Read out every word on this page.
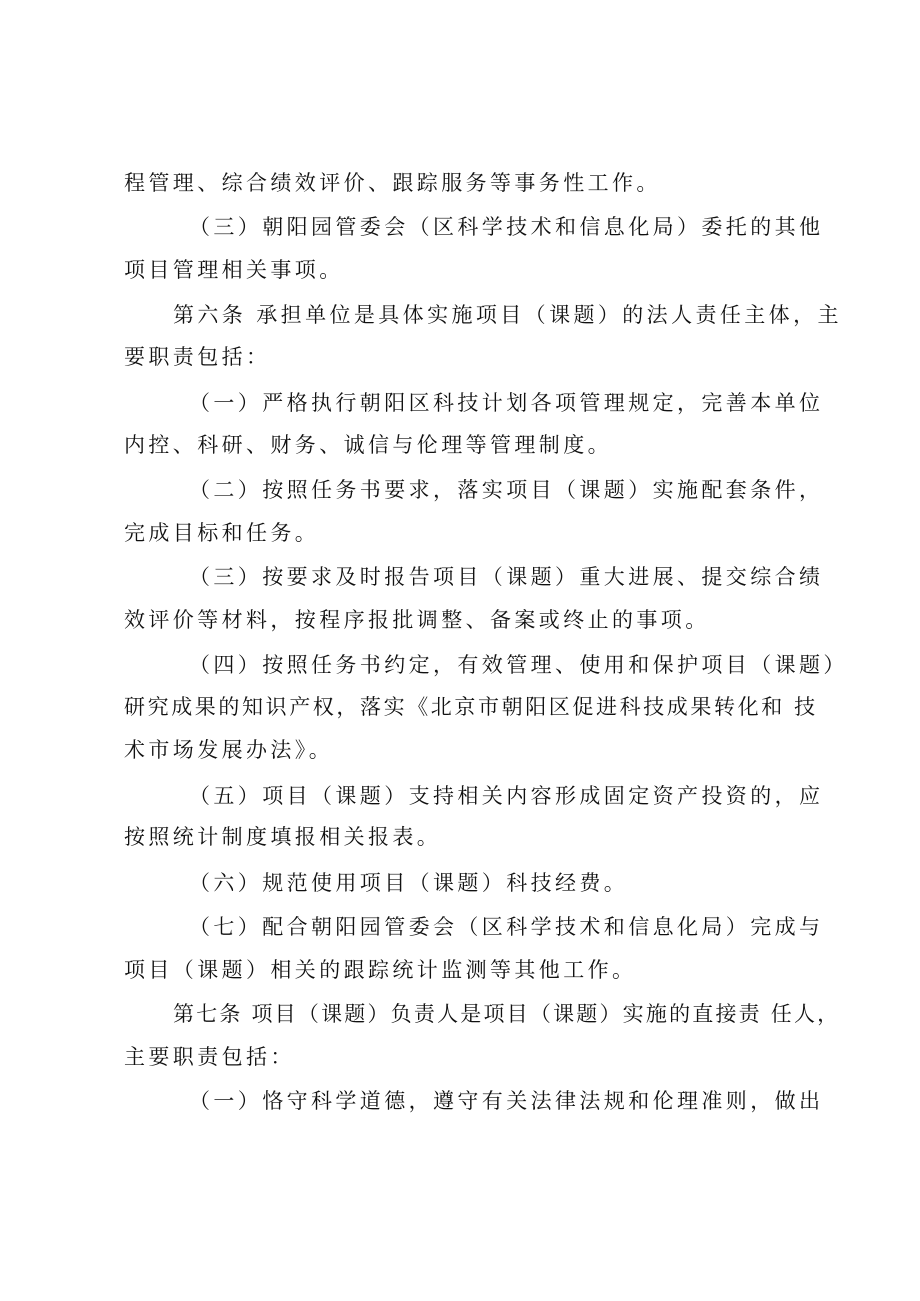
程管理、综合绩效评价、跟踪服务等事务性工作。
（三）朝阳园管委会（区科学技术和信息化局）委托的其他
项目管理相关事项。
第六条 承担单位是具体实施项目（课题）的法人责任主体，主
要职责包括：
（一）严格执行朝阳区科技计划各项管理规定，完善本单位
内控、科研、财务、诚信与伦理等管理制度。
（二）按照任务书要求，落实项目（课题）实施配套条件，
完成目标和任务。
（三）按要求及时报告项目（课题）重大进展、提交综合绩
效评价等材料，按程序报批调整、备案或终止的事项。
（四）按照任务书约定，有效管理、使用和保护项目（课题）
研究成果的知识产权，落实《北京市朝阳区促进科技成果转化和 技
术市场发展办法》。
（五）项目（课题）支持相关内容形成固定资产投资的，应
按照统计制度填报相关报表。
（六）规范使用项目（课题）科技经费。
（七）配合朝阳园管委会（区科学技术和信息化局）完成与
项目（课题）相关的跟踪统计监测等其他工作。
第七条 项目（课题）负责人是项目（课题）实施的直接责 任人，
主要职责包括：
（一）恪守科学道德，遵守有关法律法规和伦理准则，做出
